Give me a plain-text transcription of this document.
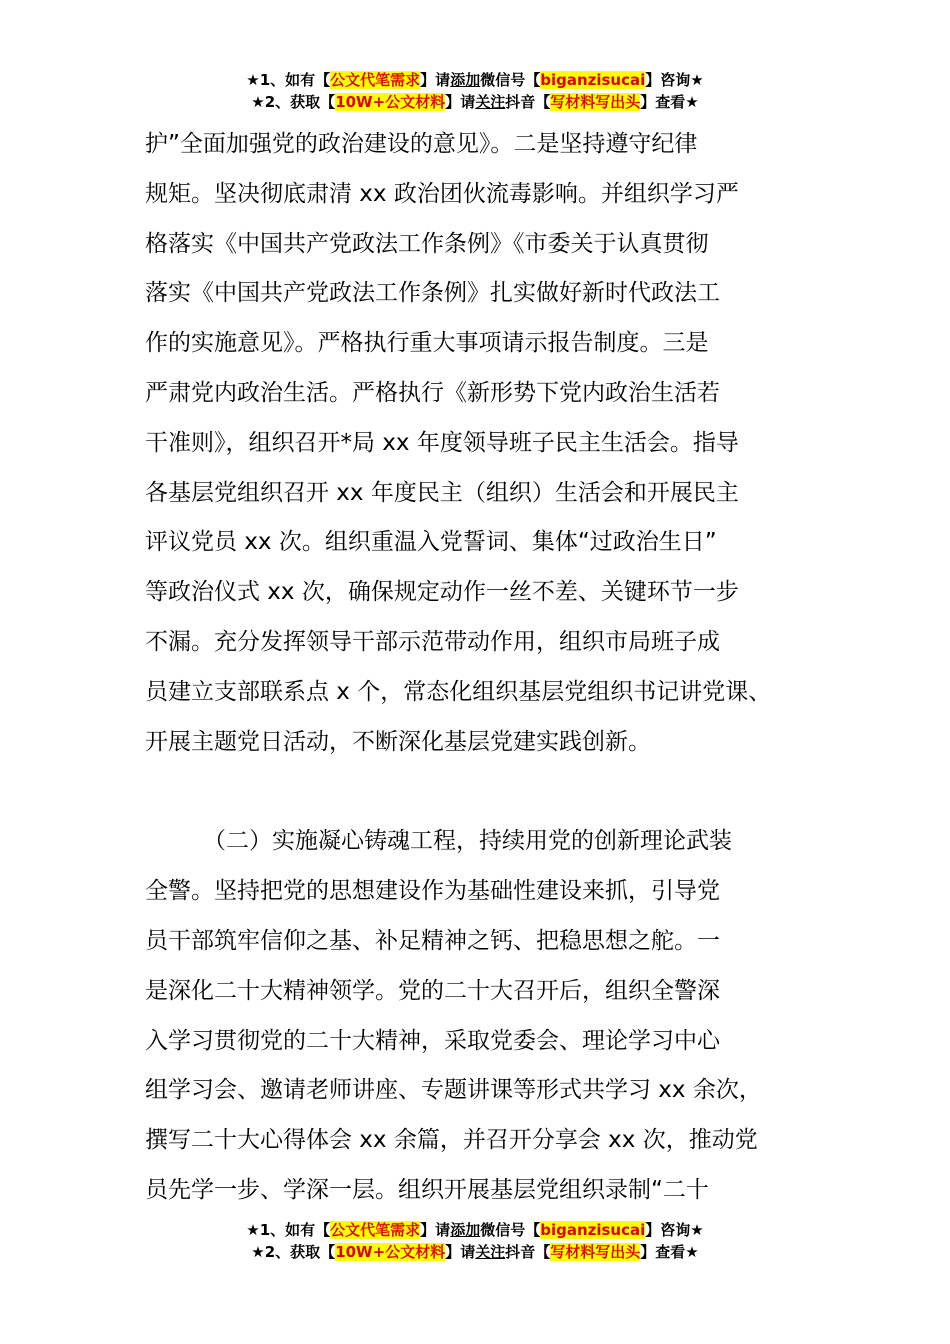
★1、如有【公文代笔需求】请添加微信号【biganzisucai】咨询★
★2、获取【10W+公文材料】请关注抖音【写材料写出头】查看★
护”全面加强党的政治建设的意见》。二是坚持遵守纪律
规矩。坚决彻底肃清 xx 政治团伙流毒影响。并组织学习严
格落实《中国共产党政法工作条例》《市委关于认真贯彻
落实《中国共产党政法工作条例》扎实做好新时代政法工
作的实施意见》。严格执行重大事项请示报告制度。三是
严肃党内政治生活。严格执行《新形势下党内政治生活若
干准则》，组织召开*局 xx 年度领导班子民主生活会。指导
各基层党组织召开 xx 年度民主（组织）生活会和开展民主
评议党员 xx 次。组织重温入党誓词、集体“过政治生日”
等政治仪式 xx 次，确保规定动作一丝不差、关键环节一步
不漏。充分发挥领导干部示范带动作用，组织市局班子成
员建立支部联系点 x 个，常态化组织基层党组织书记讲党课、
开展主题党日活动，不断深化基层党建实践创新。
（二）实施凝心铸魂工程，持续用党的创新理论武装
全警。坚持把党的思想建设作为基础性建设来抓，引导党
员干部筑牢信仰之基、补足精神之钙、把稳思想之舵。一
是深化二十大精神领学。党的二十大召开后，组织全警深
入学习贯彻党的二十大精神，采取党委会、理论学习中心
组学习会、邀请老师讲座、专题讲课等形式共学习 xx 余次，
撰写二十大心得体会 xx 余篇，并召开分享会 xx 次，推动党
员先学一步、学深一层。组织开展基层党组织录制“二十
★1、如有【公文代笔需求】请添加微信号【biganzisucai】咨询★
★2、获取【10W+公文材料】请关注抖音【写材料写出头】查看★
